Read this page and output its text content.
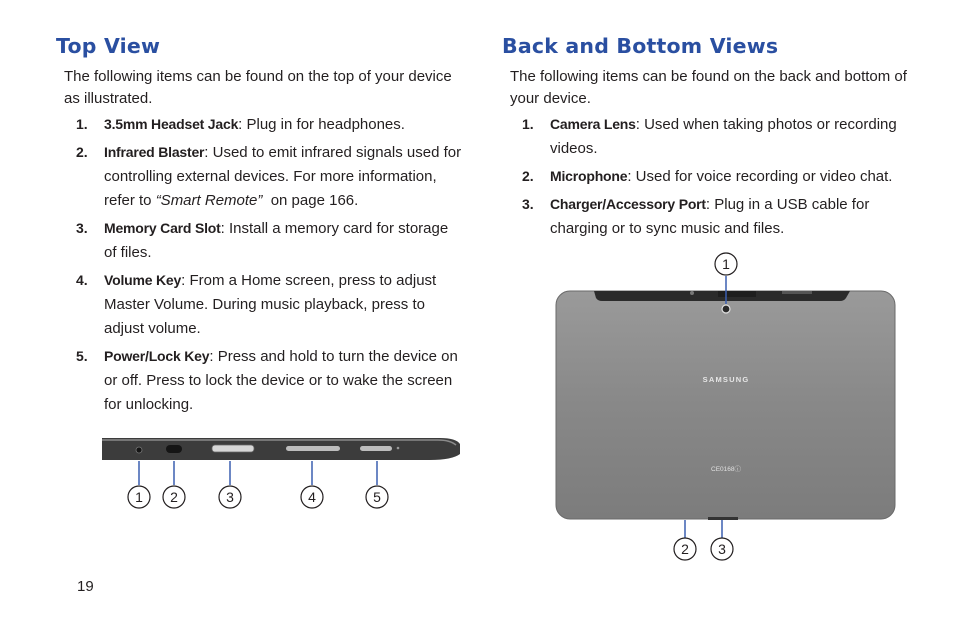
Top View
The following items can be found on the top of your device as illustrated.
1. 3.5mm Headset Jack: Plug in for headphones.
2. Infrared Blaster: Used to emit infrared signals used for controlling external devices. For more information, refer to “Smart Remote”  on page 166.
3. Memory Card Slot: Install a memory card for storage of files.
4. Volume Key: From a Home screen, press to adjust Master Volume. During music playback, press to adjust volume.
5. Power/Lock Key: Press and hold to turn the device on or off. Press to lock the device or to wake the screen for unlocking.
1 2	3	4	5
Back and Bottom Views
The following items can be found on the back and bottom of your device.
1. Camera Lens: Used when taking photos or recording videos.
2. Microphone: Used for voice recording or video chat.
3. Charger/Accessory Port: Plug in a USB cable for charging or to sync music and files.
SAMSUNG
CE0168ⓘ
1
2 3
19
